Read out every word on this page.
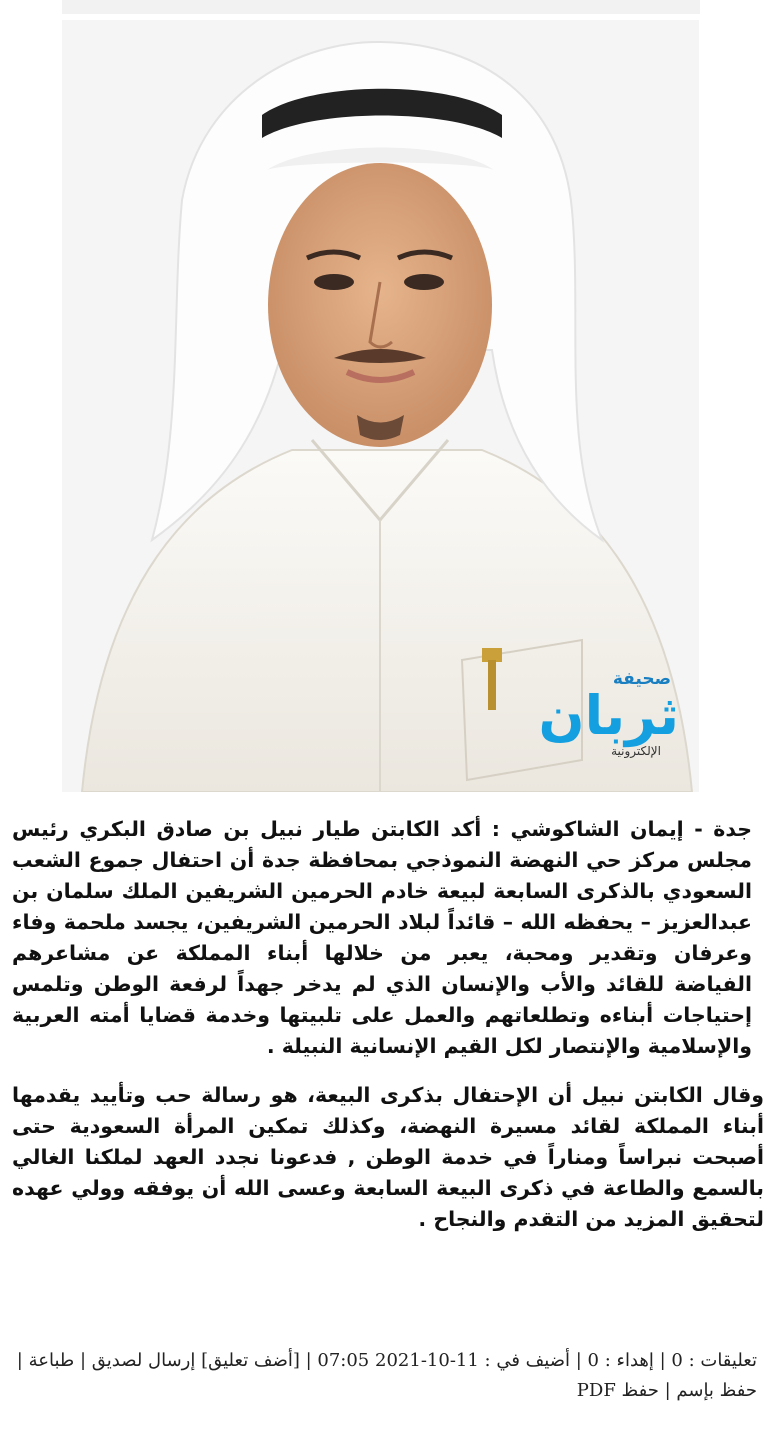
صحيفة
ثربان
الإلكترونية

جدة - إيمان الشاكوشي : أكد الكابتن طيار نبيل بن صادق البكري رئيس مجلس مركز حي النهضة النموذجي بمحافظة جدة أن احتفال جموع الشعب السعودي بالذكرى السابعة لبيعة خادم الحرمين الشريفين الملك سلمان بن عبدالعزيز – يحفظه الله – قائداً لبلاد الحرمين الشريفين، يجسد ملحمة وفاء وعرفان وتقدير ومحبة، يعبر من خلالها أبناء المملكة عن مشاعرهم الفياضة للقائد والأب والإنسان الذي لم يدخر جهداً لرفعة الوطن وتلمس إحتياجات أبناءه وتطلعاتهم والعمل على تلبيتها وخدمة قضايا أمته العربية والإسلامية والإنتصار لكل القيم الإنسانية النبيلة .

وقال الكابتن نبيل أن الإحتفال بذكرى البيعة، هو رسالة حب وتأييد يقدمها أبناء المملكة لقائد مسيرة النهضة، وكذلك تمكين المرأة السعودية حتى أصبحت نبراساً ومناراً في خدمة الوطن , فدعونا نجدد العهد لملكنا الغالي بالسمع والطاعة في ذكرى البيعة السابعة وعسى الله أن يوفقه وولي عهده لتحقيق المزيد من التقدم والنجاح .

تعليقات : 0 | إهداء : 0 | أضيف في : 11-10-2021 07:05 | [أضف تعليق] إرسال لصديق | طباعة | حفظ بإسم | حفظ PDF
